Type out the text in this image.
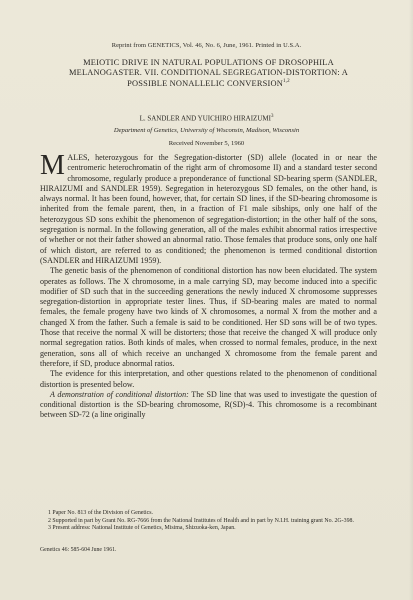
Reprint from GENETICS, Vol. 46, No. 6, June, 1961. Printed in U.S.A.
MEIOTIC DRIVE IN NATURAL POPULATIONS OF DROSOPHILA MELANOGASTER. VII. CONDITIONAL SEGREGATION-DISTORTION: A POSSIBLE NONALLELIC CONVERSION$^{1,2}$
L. SANDLER AND YUICHIRO HIRAIZUMI$^3$
Department of Genetics, University of Wisconsin, Madison, Wisconsin
Received November 5, 1960

MALES, heterozygous for the Segregation-distorter (SD) allele (located in or near the centromeric heterochromatin of the right arm of chromosome II) and a standard tester second chromosome, regularly produce a preponderance of functional SD-bearing sperm (SANDLER, HIRAIZUMI and SANDLER 1959). Segregation in heterozygous SD females, on the other hand, is always normal. It has been found, however, that, for certain SD lines, if the SD-bearing chromosome is inherited from the female parent, then, in a fraction of F1 male sibships, only one half of the heterozygous SD sons exhibit the phenomenon of segregation-distortion; in the other half of the sons, segregation is normal. In the following generation, all of the males exhibit abnormal ratios irrespective of whether or not their father showed an abnormal ratio. Those females that produce sons, only one half of which distort, are referred to as conditioned; the phenomenon is termed conditional distortion (SANDLER and HIRAIZUMI 1959).

The genetic basis of the phenomenon of conditional distortion has now been elucidated. The system operates as follows. The X chromosome, in a male carrying SD, may become induced into a specific modifier of SD such that in the succeeding generations the newly induced X chromosome suppresses segregation-distortion in appropriate tester lines. Thus, if SD-bearing males are mated to normal females, the female progeny have two kinds of X chromosomes, a normal X from the mother and a changed X from the father. Such a female is said to be conditioned. Her SD sons will be of two types. Those that receive the normal X will be distorters; those that receive the changed X will produce only normal segregation ratios. Both kinds of males, when crossed to normal females, produce, in the next generation, sons all of which receive an unchanged X chromosome from the female parent and therefore, if SD, produce abnormal ratios.

The evidence for this interpretation, and other questions related to the phenomenon of conditional distortion is presented below.

A demonstration of conditional distortion: The SD line that was used to investigate the question of conditional distortion is the SD-bearing chromosome, R(SD)-4. This chromosome is a recombinant between SD-72 (a line originally

1 Paper No. 813 of the Division of Genetics.
2 Supported in part by Grant No. RG-7666 from the National Institutes of Health and in part by N.I.H. training grant No. 2G-398.
3 Present address: National Institute of Genetics, Misima, Shizuoka-ken, Japan.
Genetics 46: 585-604 June 1961.
